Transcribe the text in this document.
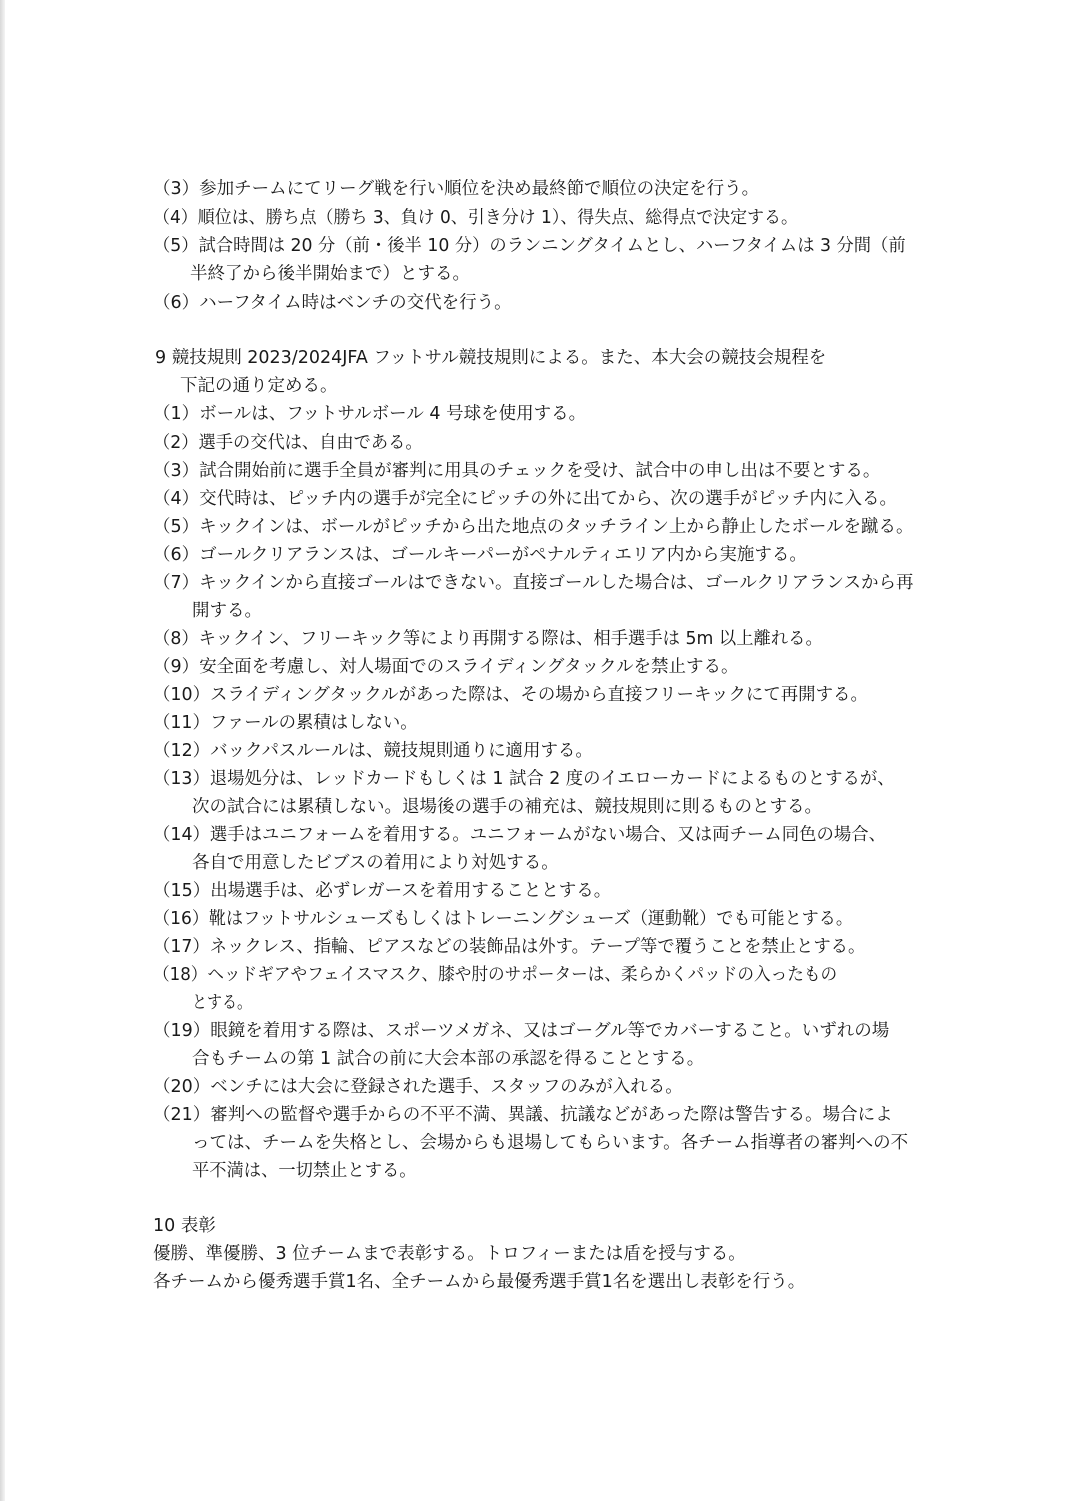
（3）参加チームにてリーグ戦を行い順位を決め最終節で順位の決定を行う。
（4）順位は、勝ち点（勝ち 3、負け 0、引き分け 1）、得失点、総得点で決定する。
（5）試合時間は 20 分（前・後半 10 分）のランニングタイムとし、ハーフタイムは 3 分間（前
半終了から後半開始まで）とする。
（6）ハーフタイム時はベンチの交代を行う。
9 競技規則 2023/2024JFA フットサル競技規則による。また、本大会の競技会規程を
下記の通り定める。
（1）ボールは、フットサルボール 4 号球を使用する。
（2）選手の交代は、自由である。
（3）試合開始前に選手全員が審判に用具のチェックを受け、試合中の申し出は不要とする。
（4）交代時は、ピッチ内の選手が完全にピッチの外に出てから、次の選手がピッチ内に入る。
（5）キックインは、ボールがピッチから出た地点のタッチライン上から静止したボールを蹴る。
（6）ゴールクリアランスは、ゴールキーパーがペナルティエリア内から実施する。
（7）キックインから直接ゴールはできない。直接ゴールした場合は、ゴールクリアランスから再
開する。
（8）キックイン、フリーキック等により再開する際は、相手選手は 5m 以上離れる。
（9）安全面を考慮し、対人場面でのスライディングタックルを禁止する。
（10）スライディングタックルがあった際は、その場から直接フリーキックにて再開する。
（11）ファールの累積はしない。
（12）バックパスルールは、競技規則通りに適用する。
（13）退場処分は、レッドカードもしくは 1 試合 2 度のイエローカードによるものとするが、
次の試合には累積しない。退場後の選手の補充は、競技規則に則るものとする。
（14）選手はユニフォームを着用する。ユニフォームがない場合、又は両チーム同色の場合、
各自で用意したビブスの着用により対処する。
（15）出場選手は、必ずレガースを着用することとする。
（16）靴はフットサルシューズもしくはトレーニングシューズ（運動靴）でも可能とする。
（17）ネックレス、指輪、ピアスなどの装飾品は外す。テープ等で覆うことを禁止とする。
（18）ヘッドギアやフェイスマスク、膝や肘のサポーターは、柔らかくパッドの入ったもの
とする。
（19）眼鏡を着用する際は、スポーツメガネ、又はゴーグル等でカバーすること。いずれの場
合もチームの第 1 試合の前に大会本部の承認を得ることとする。
（20）ベンチには大会に登録された選手、スタッフのみが入れる。
（21）審判への監督や選手からの不平不満、異議、抗議などがあった際は警告する。場合によ
っては、チームを失格とし、会場からも退場してもらいます。各チーム指導者の審判への不
平不満は、一切禁止とする。
10 表彰
優勝、準優勝、3 位チームまで表彰する。トロフィーまたは盾を授与する。
各チームから優秀選手賞1名、全チームから最優秀選手賞1名を選出し表彰を行う。
